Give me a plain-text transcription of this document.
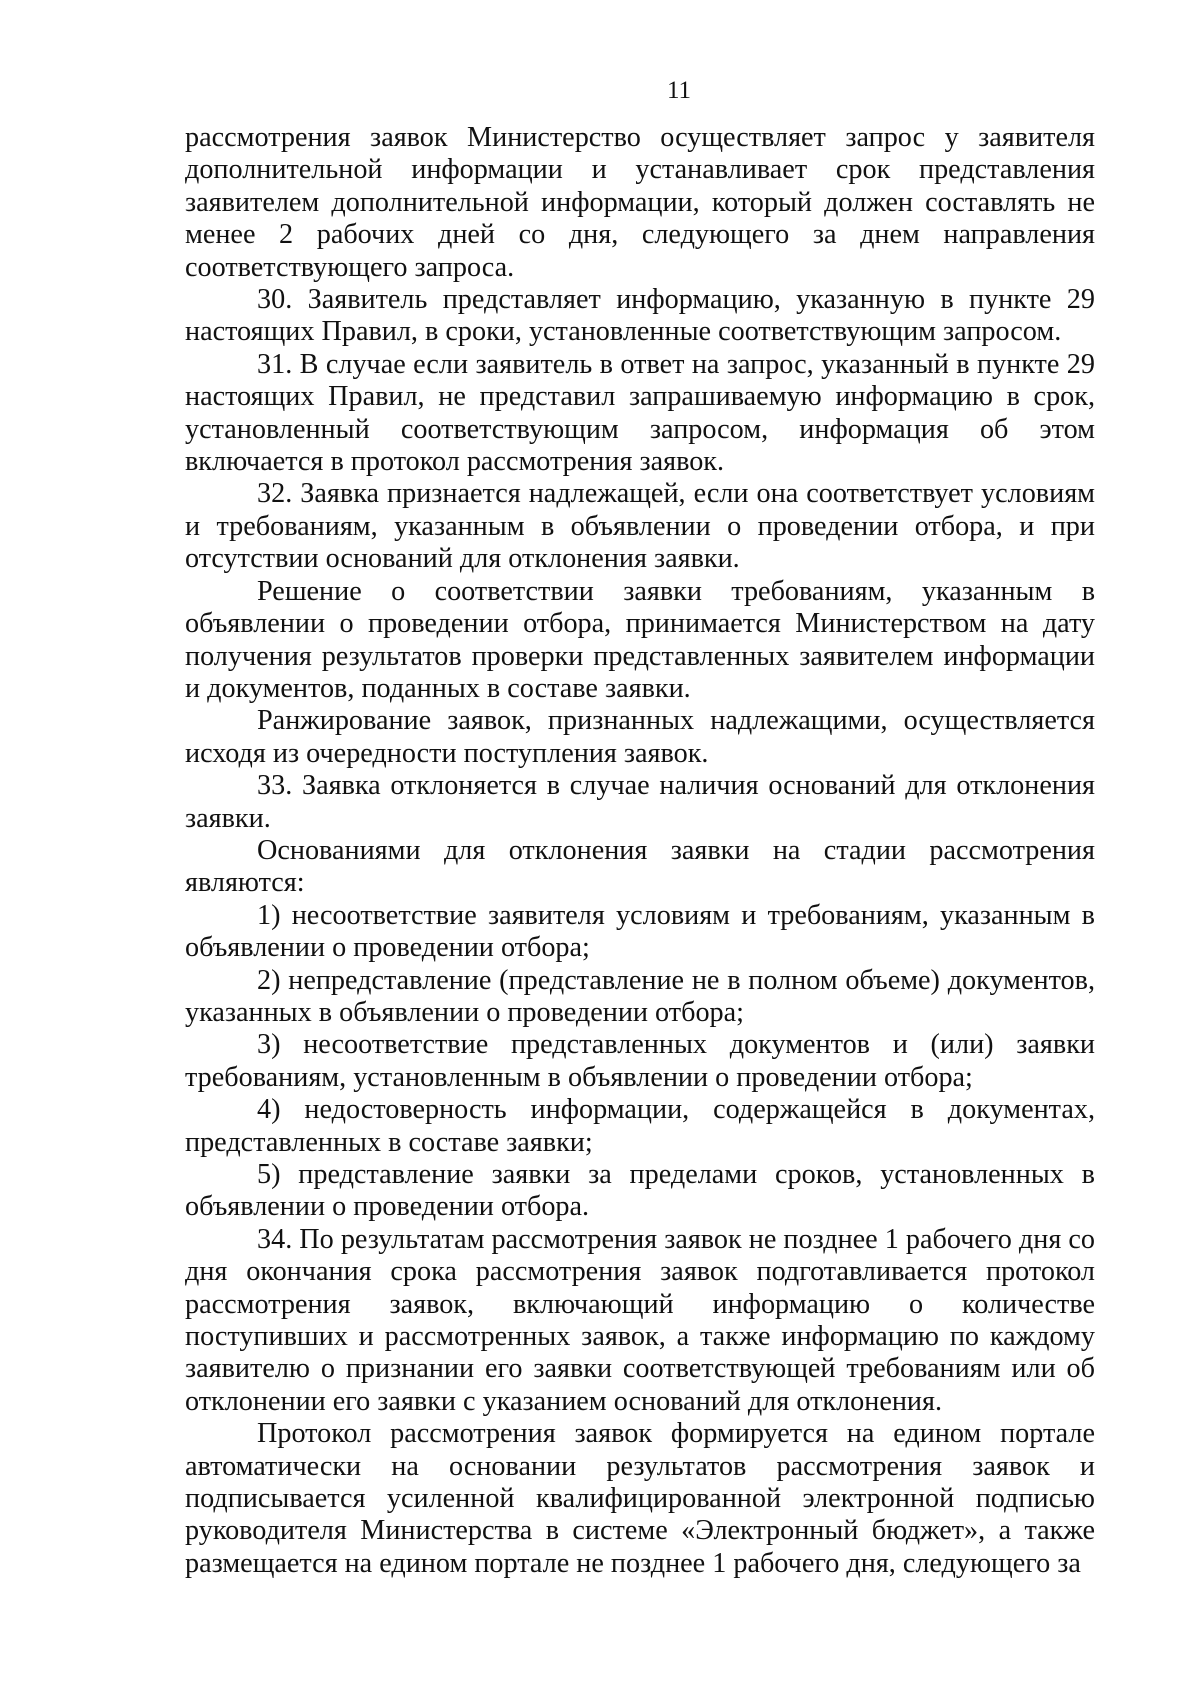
11

рассмотрения заявок Министерство осуществляет запрос у заявителя дополнительной информации и устанавливает срок представления заявителем дополнительной информации, который должен составлять не менее 2 рабочих дней со дня, следующего за днем направления соответствующего запроса.

30. Заявитель представляет информацию, указанную в пункте 29 настоящих Правил, в сроки, установленные соответствующим запросом.

31. В случае если заявитель в ответ на запрос, указанный в пункте 29 настоящих Правил, не представил запрашиваемую информацию в срок, установленный соответствующим запросом, информация об этом включается в протокол рассмотрения заявок.

32. Заявка признается надлежащей, если она соответствует условиям и требованиям, указанным в объявлении о проведении отбора, и при отсутствии оснований для отклонения заявки.

Решение о соответствии заявки требованиям, указанным в объявлении о проведении отбора, принимается Министерством на дату получения результатов проверки представленных заявителем информации и документов, поданных в составе заявки.

Ранжирование заявок, признанных надлежащими, осуществляется исходя из очередности поступления заявок.

33. Заявка отклоняется в случае наличия оснований для отклонения заявки.

Основаниями для отклонения заявки на стадии рассмотрения являются:

1) несоответствие заявителя условиям и требованиям, указанным в объявлении о проведении отбора;

2) непредставление (представление не в полном объеме) документов, указанных в объявлении о проведении отбора;

3) несоответствие представленных документов и (или) заявки требованиям, установленным в объявлении о проведении отбора;

4) недостоверность информации, содержащейся в документах, представленных в составе заявки;

5) представление заявки за пределами сроков, установленных в объявлении о проведении отбора.

34. По результатам рассмотрения заявок не позднее 1 рабочего дня со дня окончания срока рассмотрения заявок подготавливается протокол рассмотрения заявок, включающий информацию о количестве поступивших и рассмотренных заявок, а также информацию по каждому заявителю о признании его заявки соответствующей требованиям или об отклонении его заявки с указанием оснований для отклонения.

Протокол рассмотрения заявок формируется на едином портале автоматически на основании результатов рассмотрения заявок и подписывается усиленной квалифицированной электронной подписью руководителя Министерства в системе «Электронный бюджет», а также размещается на едином портале не позднее 1 рабочего дня, следующего за
